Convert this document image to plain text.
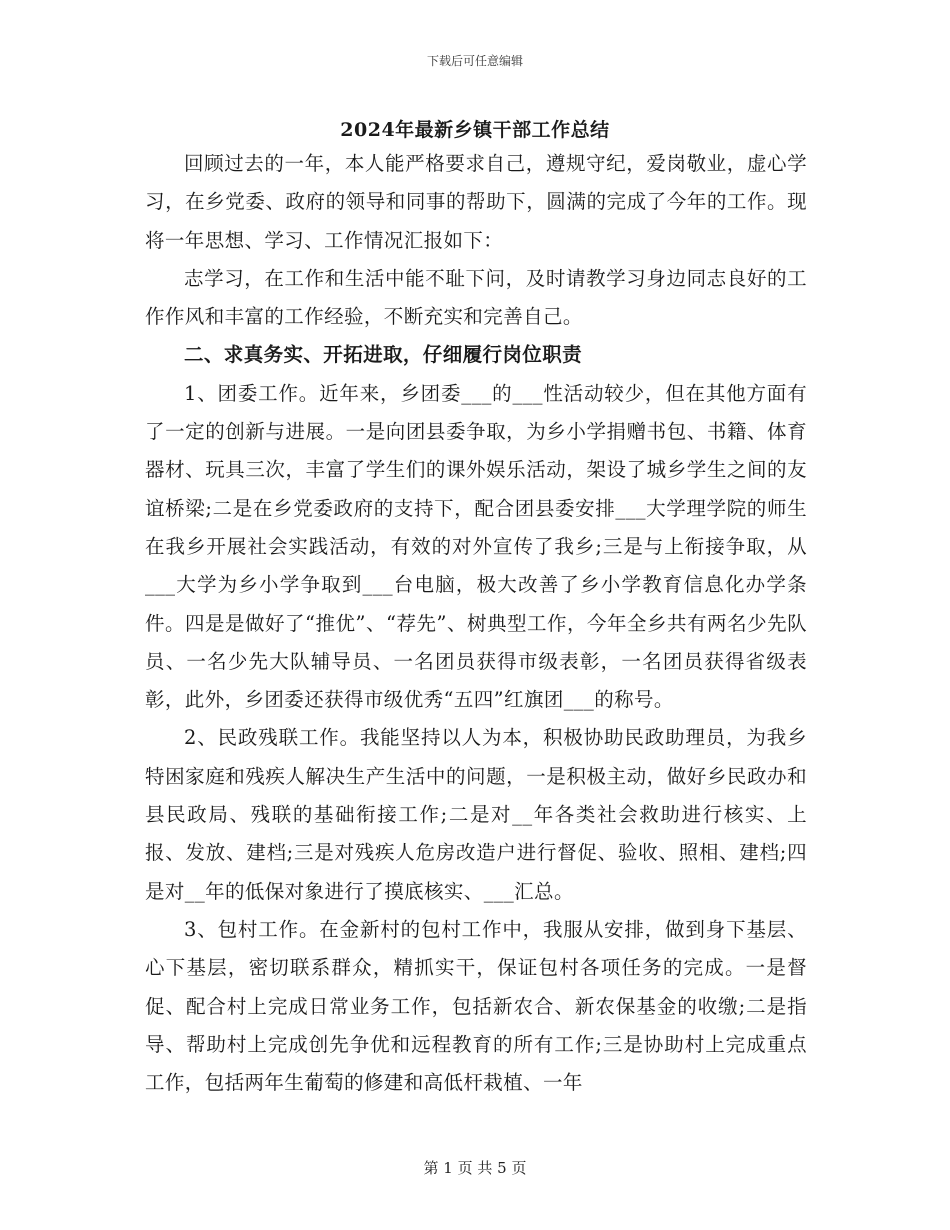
下载后可任意编辑
2024年最新乡镇干部工作总结

回顾过去的一年，本人能严格要求自己，遵规守纪，爱岗敬业，虚心学习，在乡党委、政府的领导和同事的帮助下，圆满的完成了今年的工作。现将一年思想、学习、工作情况汇报如下：

志学习，在工作和生活中能不耻下问，及时请教学习身边同志良好的工作作风和丰富的工作经验，不断充实和完善自己。

二、求真务实、开拓进取，仔细履行岗位职责

1、团委工作。近年来，乡团委___的___性活动较少，但在其他方面有了一定的创新与进展。一是向团县委争取，为乡小学捐赠书包、书籍、体育器材、玩具三次，丰富了学生们的课外娱乐活动，架设了城乡学生之间的友谊桥梁;二是在乡党委政府的支持下，配合团县委安排___大学理学院的师生在我乡开展社会实践活动，有效的对外宣传了我乡;三是与上衔接争取，从___大学为乡小学争取到___台电脑，极大改善了乡小学教育信息化办学条件。四是是做好了“推优”、“荐先”、树典型工作，今年全乡共有两名少先队员、一名少先大队辅导员、一名团员获得市级表彰，一名团员获得省级表彰，此外，乡团委还获得市级优秀“五四”红旗团___的称号。

2、民政残联工作。我能坚持以人为本，积极协助民政助理员，为我乡特困家庭和残疾人解决生产生活中的问题，一是积极主动，做好乡民政办和县民政局、残联的基础衔接工作;二是对__年各类社会救助进行核实、上报、发放、建档;三是对残疾人危房改造户进行督促、验收、照相、建档;四是对__年的低保对象进行了摸底核实、___汇总。

3、包村工作。在金新村的包村工作中，我服从安排，做到身下基层、心下基层，密切联系群众，精抓实干，保证包村各项任务的完成。一是督促、配合村上完成日常业务工作，包括新农合、新农保基金的收缴;二是指导、帮助村上完成创先争优和远程教育的所有工作;三是协助村上完成重点工作，包括两年生葡萄的修建和高低杆栽植、一年

第 1 页 共 5 页
